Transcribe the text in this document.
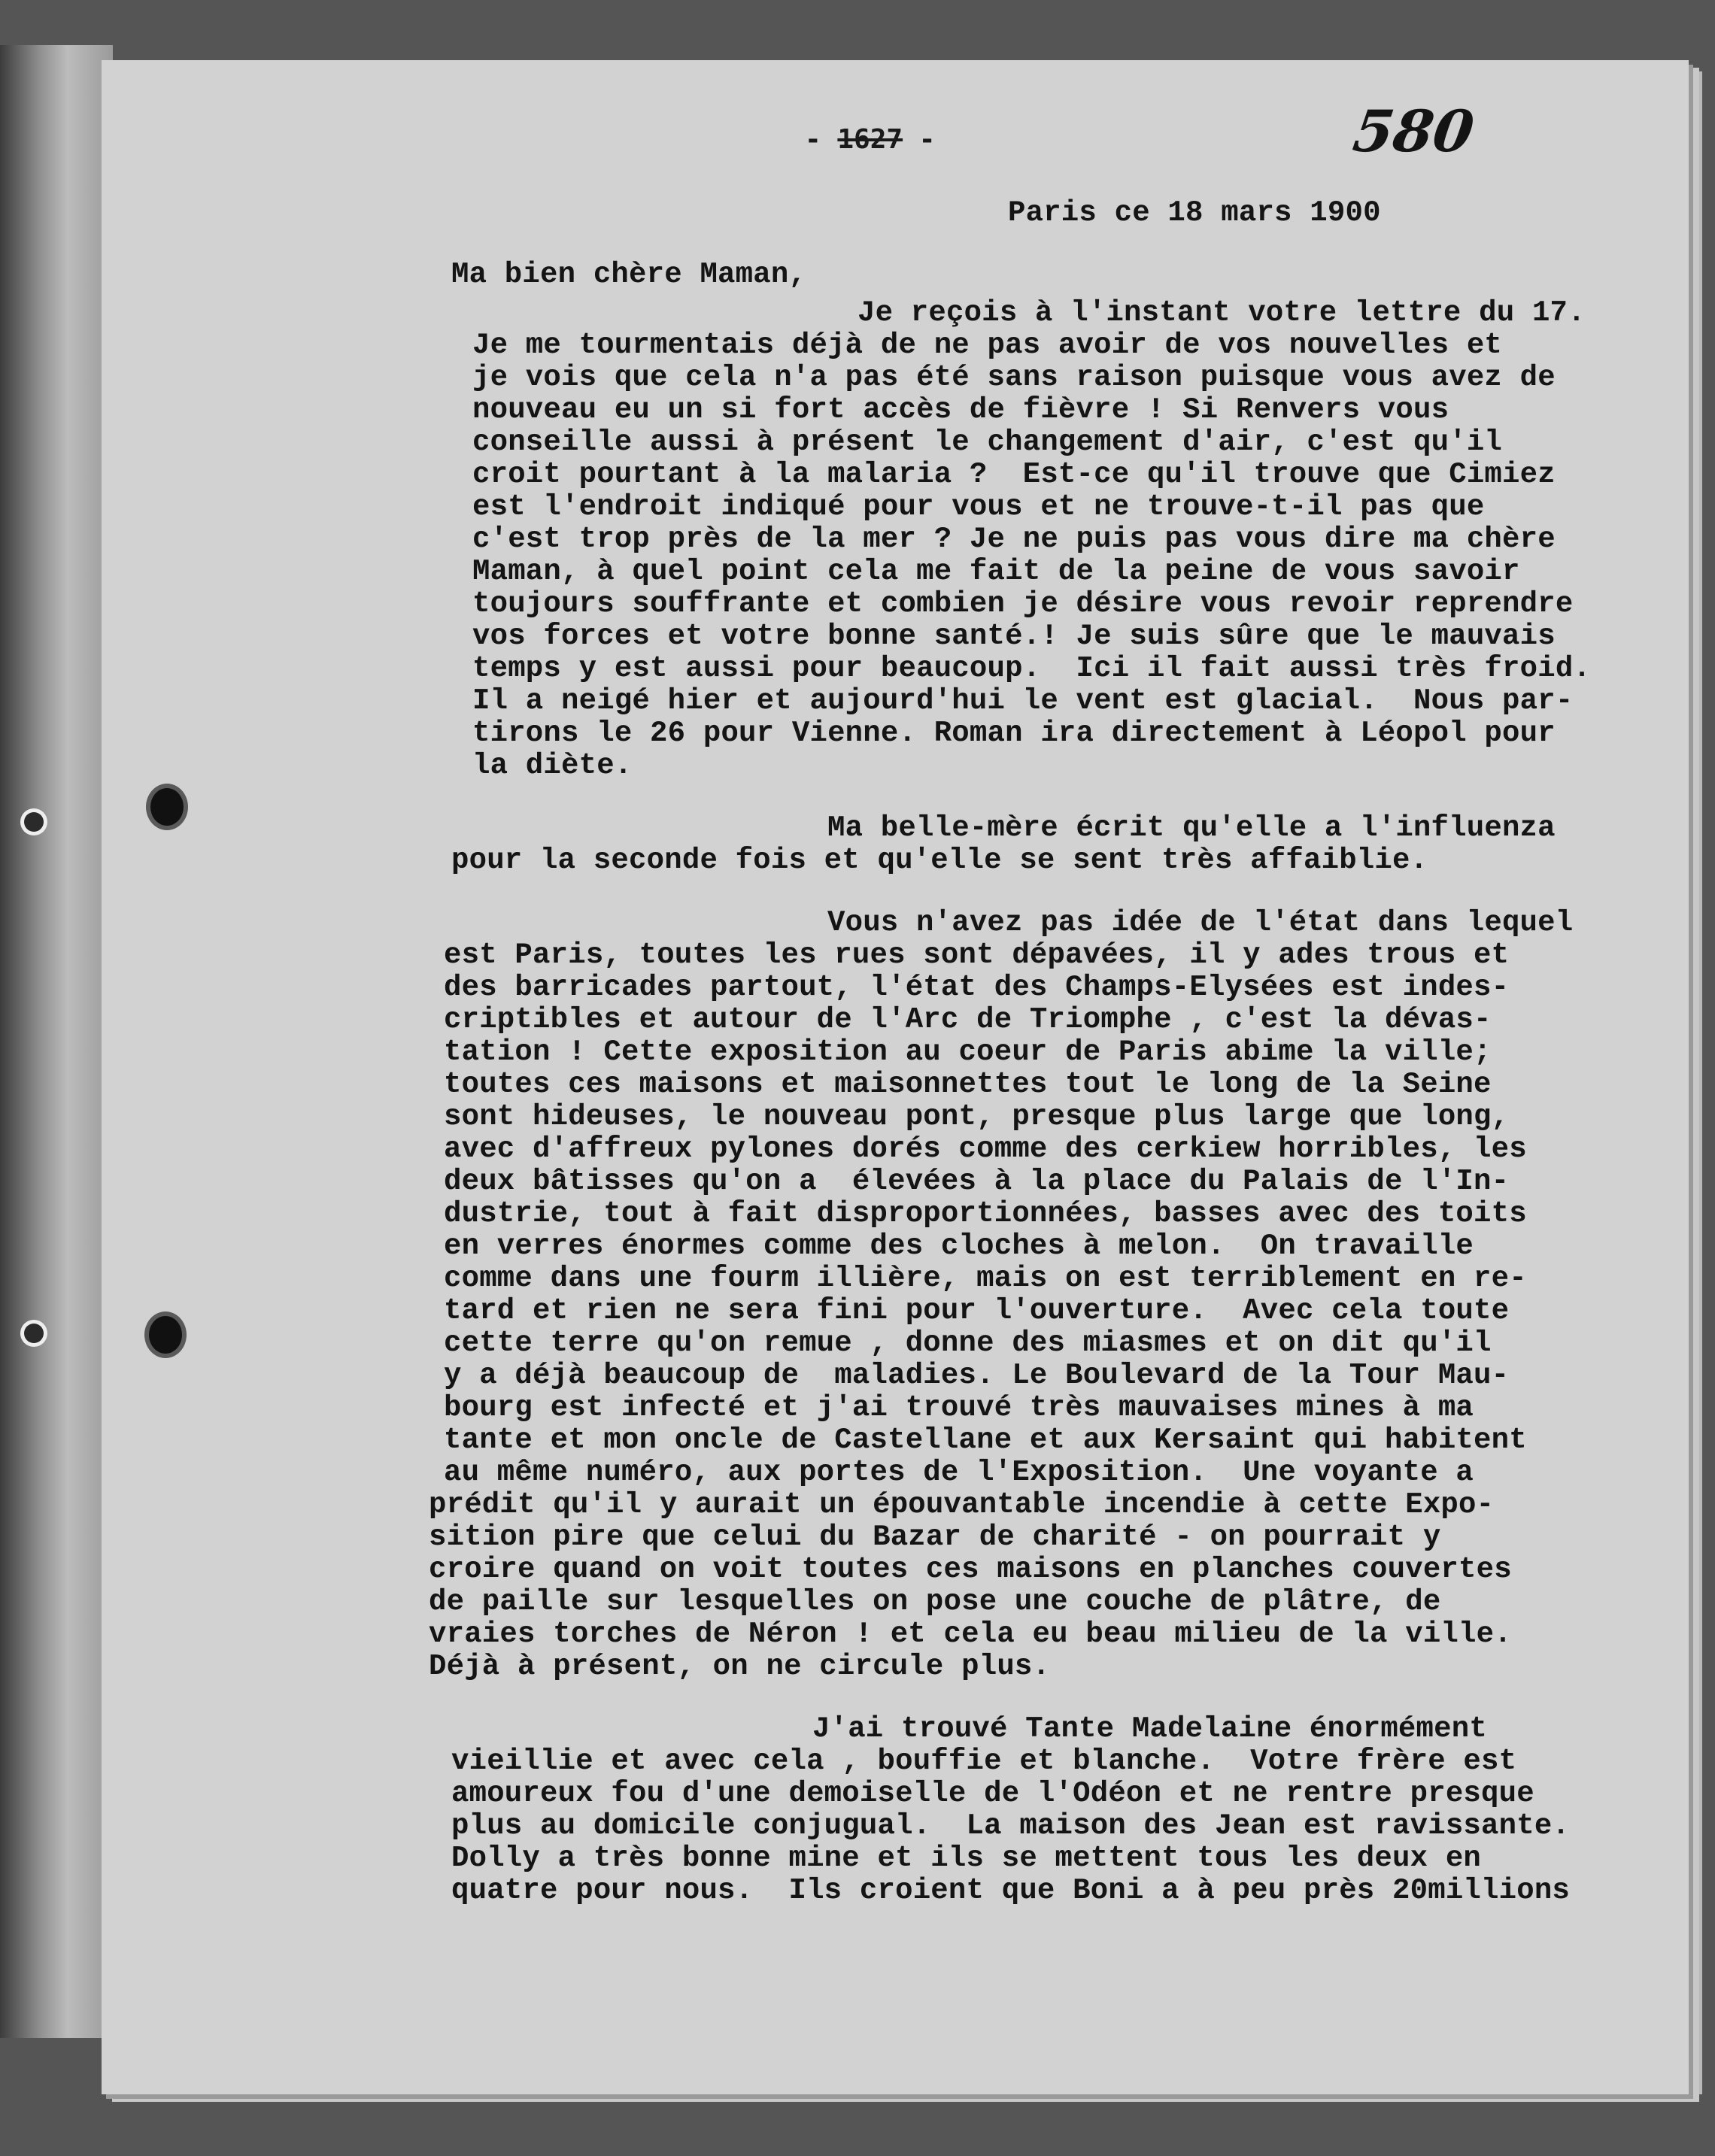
- 1627 -	580

Paris ce 18 mars 1900
Ma bien chère Maman,
Je reçois à l'instant votre lettre du 17.
Je me tourmentais déjà de ne pas avoir de vos nouvelles et
je vois que cela n'a pas été sans raison puisque vous avez de
nouveau eu un si fort accès de fièvre ! Si Renvers vous
conseille aussi à présent le changement d'air, c'est qu'il
croit pourtant à la malaria ?  Est-ce qu'il trouve que Cimiez
est l'endroit indiqué pour vous et ne trouve-t-il pas que
c'est trop près de la mer ? Je ne puis pas vous dire ma chère
Maman, à quel point cela me fait de la peine de vous savoir
toujours souffrante et combien je désire vous revoir reprendre
vos forces et votre bonne santé.! Je suis sûre que le mauvais
temps y est aussi pour beaucoup.  Ici il fait aussi très froid.
Il a neigé hier et aujourd'hui le vent est glacial.  Nous par-
tirons le 26 pour Vienne. Roman ira directement à Léopol pour
la diète.
Ma belle-mère écrit qu'elle a l'influenza
pour la seconde fois et qu'elle se sent très affaiblie.
Vous n'avez pas idée de l'état dans lequel
est Paris, toutes les rues sont dépavées, il y ades trous et
des barricades partout, l'état des Champs-Elysées est indes-
criptibles et autour de l'Arc de Triomphe , c'est la dévas-
tation ! Cette exposition au coeur de Paris abime la ville;
toutes ces maisons et maisonnettes tout le long de la Seine
sont hideuses, le nouveau pont, presque plus large que long,
avec d'affreux pylones dorés comme des cerkiew horribles, les
deux bâtisses qu'on a  élevées à la place du Palais de l'In-
dustrie, tout à fait disproportionnées, basses avec des toits
en verres énormes comme des cloches à melon.  On travaille
comme dans une fourm illière, mais on est terriblement en re-
tard et rien ne sera fini pour l'ouverture.  Avec cela toute
cette terre qu'on remue , donne des miasmes et on dit qu'il
y a déjà beaucoup de  maladies. Le Boulevard de la Tour Mau-
bourg est infecté et j'ai trouvé très mauvaises mines à ma
tante et mon oncle de Castellane et aux Kersaint qui habitent
au même numéro, aux portes de l'Exposition.  Une voyante a
prédit qu'il y aurait un épouvantable incendie à cette Expo-
sition pire que celui du Bazar de charité - on pourrait y
croire quand on voit toutes ces maisons en planches couvertes
de paille sur lesquelles on pose une couche de plâtre, de
vraies torches de Néron ! et cela eu beau milieu de la ville.
Déjà à présent, on ne circule plus.
J'ai trouvé Tante Madelaine énormément
vieillie et avec cela , bouffie et blanche.  Votre frère est
amoureux fou d'une demoiselle de l'Odéon et ne rentre presque
plus au domicile conjugual.  La maison des Jean est ravissante.
Dolly a très bonne mine et ils se mettent tous les deux en
quatre pour nous.  Ils croient que Boni a à peu près 20millions
